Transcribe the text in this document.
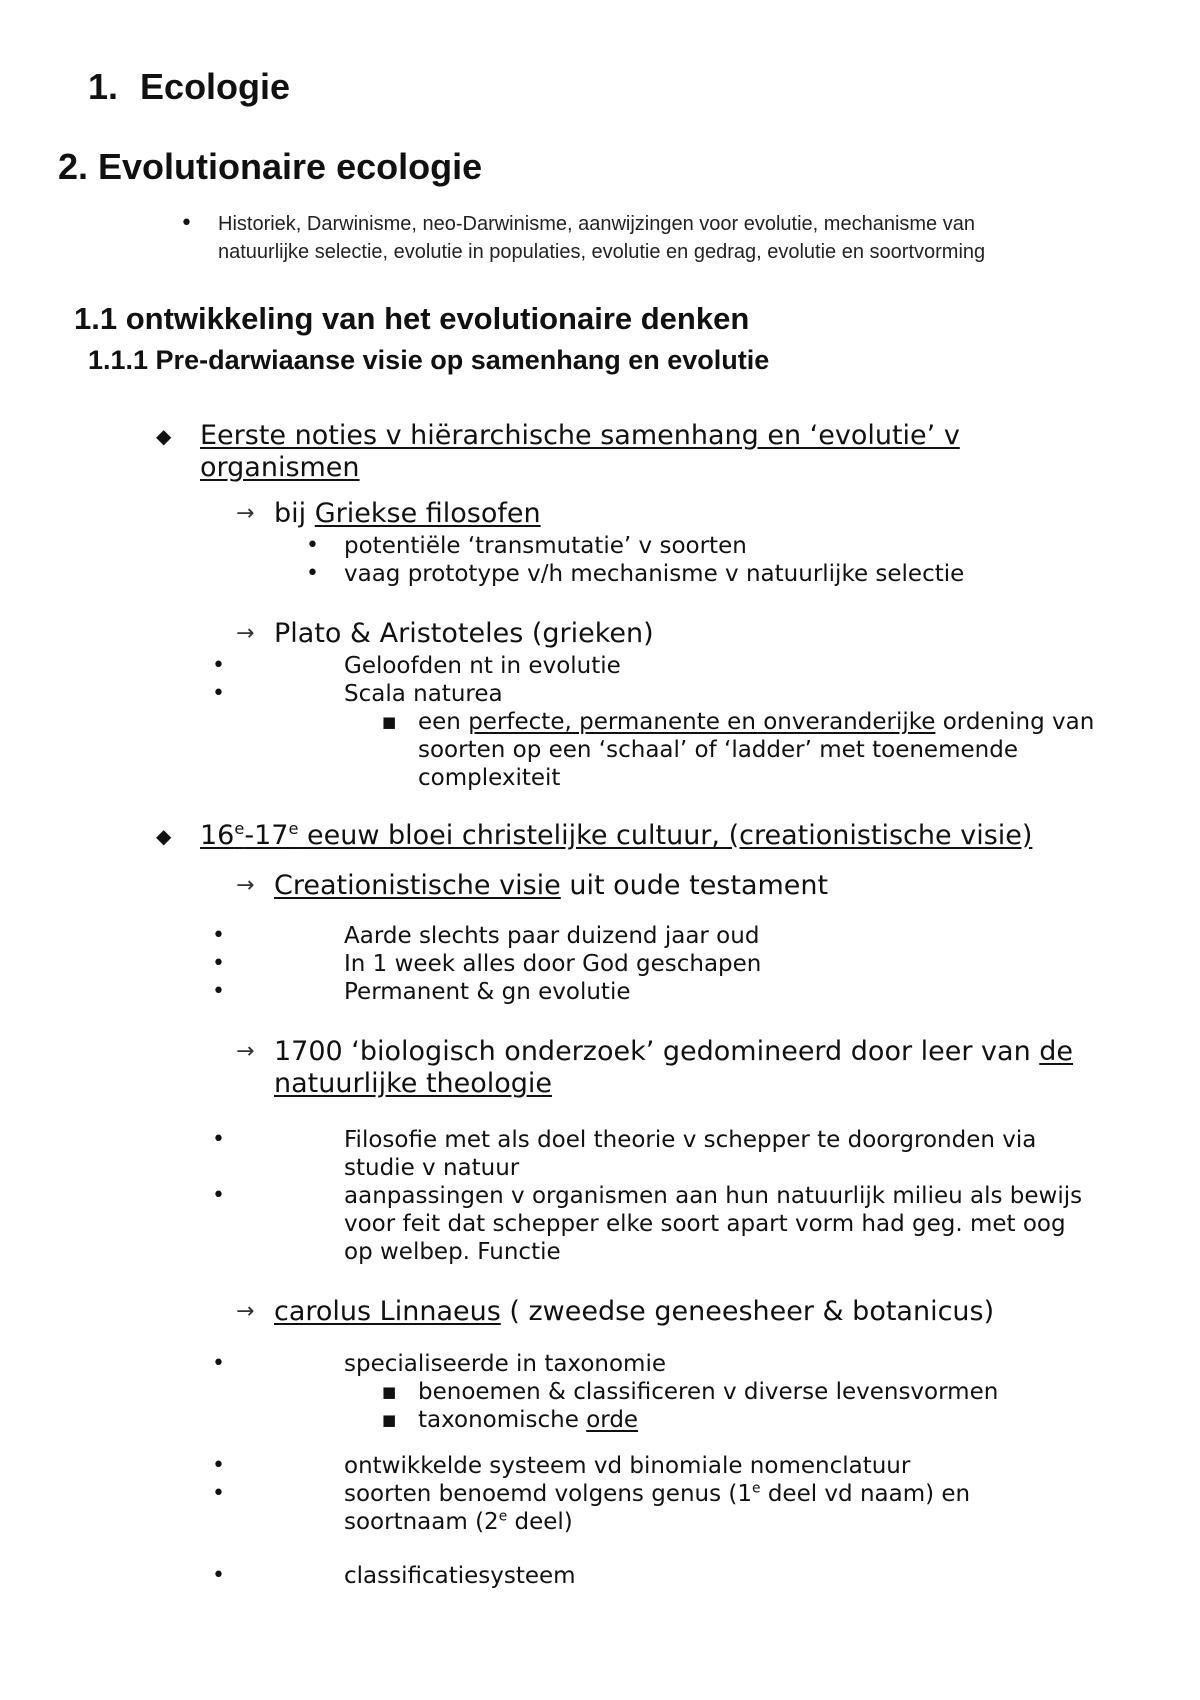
1. Ecologie
2. Evolutionaire ecologie
• Historiek, Darwinisme, neo-Darwinisme, aanwijzingen voor evolutie, mechanisme van
natuurlijke selectie, evolutie in populaties, evolutie en gedrag, evolutie en soortvorming
1.1 ontwikkeling van het evolutionaire denken
1.1.1 Pre-darwiaanse visie op samenhang en evolutie
◆ Eerste noties v hiërarchische samenhang en ‘evolutie’ v
organismen
→ bij Griekse filosofen
• potentiële ‘transmutatie’ v soorten
• vaag prototype v/h mechanisme v natuurlijke selectie
→ Plato & Aristoteles (grieken)
•	Geloofden nt in evolutie
•	Scala naturea
■ een perfecte, permanente en onveranderijke ordening van
soorten op een ‘schaal’ of ‘ladder’ met toenemende
complexiteit
◆ 16e-17e eeuw bloei christelijke cultuur, (creationistische visie)
→ Creationistische visie uit oude testament
•	Aarde slechts paar duizend jaar oud
•	In 1 week alles door God geschapen
•	Permanent & gn evolutie
→ 1700 ‘biologisch onderzoek’ gedomineerd door leer van de
natuurlijke theologie
•	Filosofie met als doel theorie v schepper te doorgronden via
studie v natuur
•	aanpassingen v organismen aan hun natuurlijk milieu als bewijs
voor feit dat schepper elke soort apart vorm had geg. met oog
op welbep. Functie
→ carolus Linnaeus ( zweedse geneesheer & botanicus)
•	specialiseerde in taxonomie
■ benoemen & classificeren v diverse levensvormen
■ taxonomische orde
•	ontwikkelde systeem vd binomiale nomenclatuur
•	soorten benoemd volgens genus (1e deel vd naam) en
soortnaam (2e deel)
•	classificatiesysteem
